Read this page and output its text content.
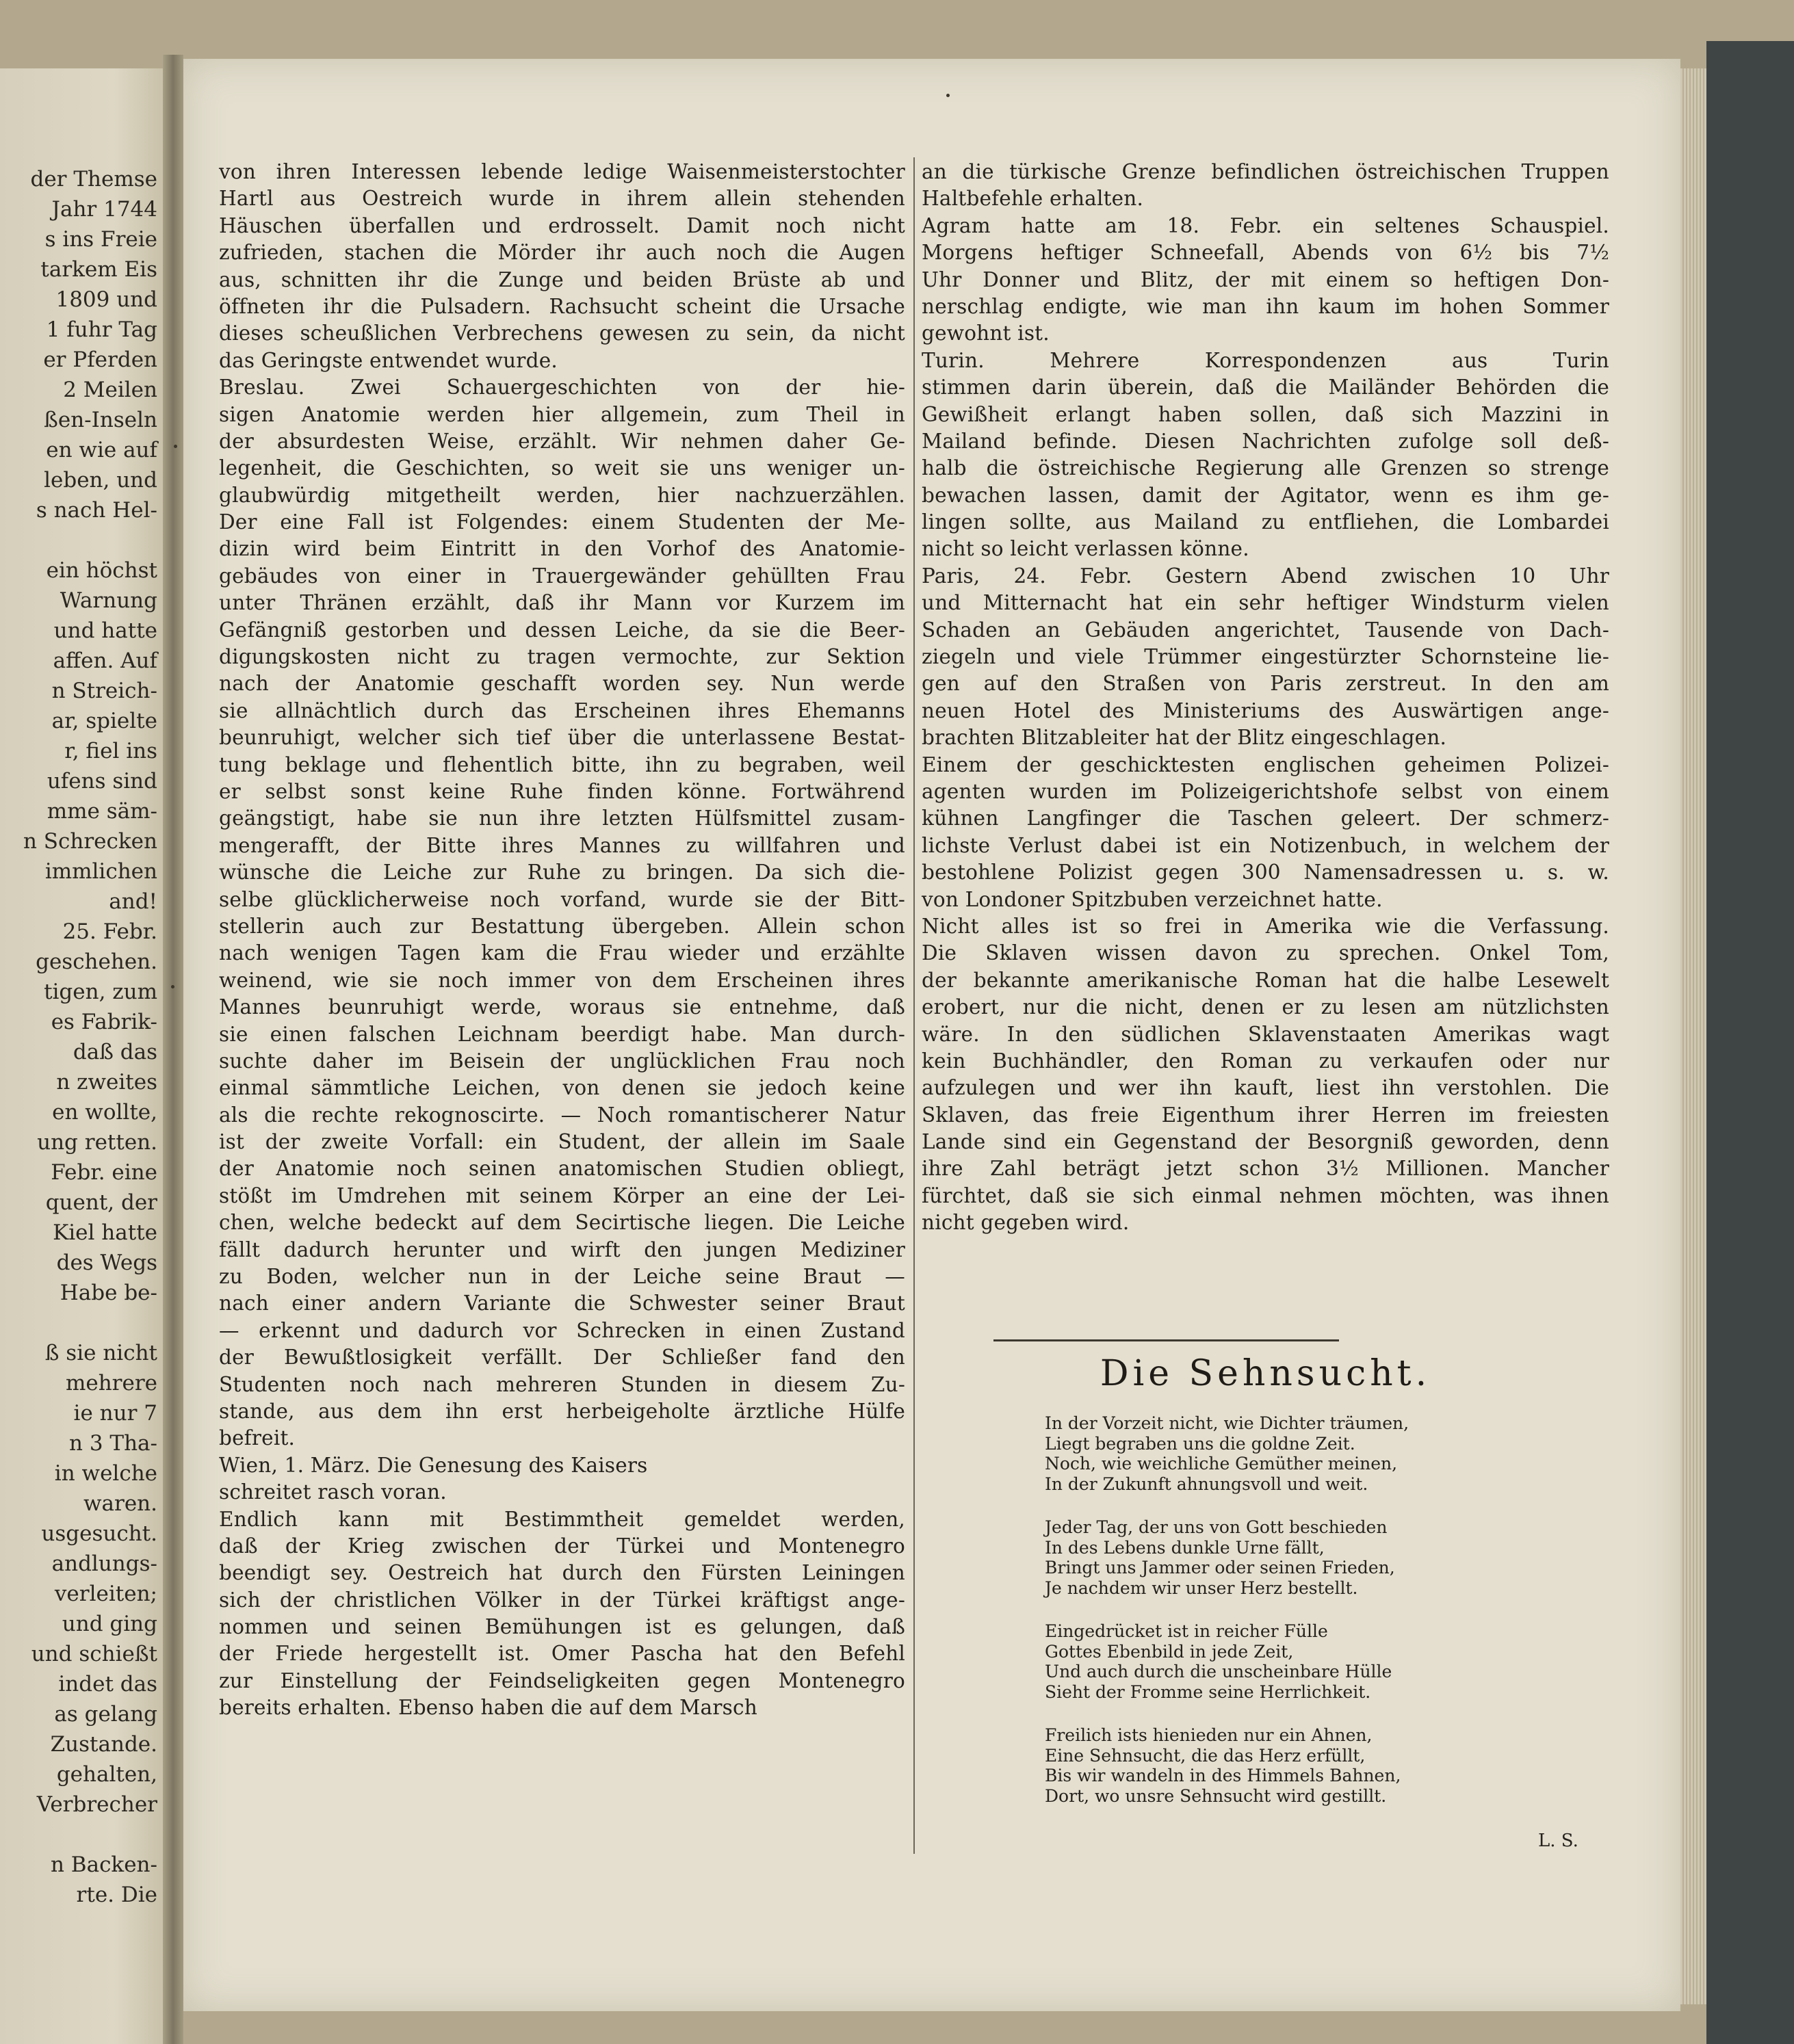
der Themse
Jahr 1744
s ins Freie
tarkem Eis
1809 und
1 fuhr Tag
er Pferden
2 Meilen
ßen-Inseln
en wie auf
leben, und
s nach Hel-
ein höchst
Warnung
und hatte
affen. Auf
n Streich-
ar, spielte
r, fiel ins
ufens sind
mme säm-
n Schrecken
immlichen
and!
25. Febr.
geschehen.
tigen, zum
es Fabrik-
daß das
n zweites
en wollte,
ung retten.
Febr. eine
quent, der
Kiel hatte
des Wegs
Habe be-
ß sie nicht
mehrere
ie nur 7
n 3 Tha-
in welche
waren.
usgesucht.
andlungs-
verleiten;
und ging
und schießt
indet das
as gelang
Zustande.
gehalten,
Verbrecher
n Backen-
rte. Die
von ihren Interessen lebende ledige Waisenmeisterstochter
Hartl aus Oestreich wurde in ihrem allein stehenden
Häuschen überfallen und erdrosselt. Damit noch nicht
zufrieden, stachen die Mörder ihr auch noch die Augen
aus, schnitten ihr die Zunge und beiden Brüste ab und
öffneten ihr die Pulsadern. Rachsucht scheint die Ursache
dieses scheußlichen Verbrechens gewesen zu sein, da nicht
das Geringste entwendet wurde.
Breslau. Zwei Schauergeschichten von der hie-
sigen Anatomie werden hier allgemein, zum Theil in
der absurdesten Weise, erzählt. Wir nehmen daher Ge-
legenheit, die Geschichten, so weit sie uns weniger un-
glaubwürdig mitgetheilt werden, hier nachzuerzählen.
Der eine Fall ist Folgendes: einem Studenten der Me-
dizin wird beim Eintritt in den Vorhof des Anatomie-
gebäudes von einer in Trauergewänder gehüllten Frau
unter Thränen erzählt, daß ihr Mann vor Kurzem im
Gefängniß gestorben und dessen Leiche, da sie die Beer-
digungskosten nicht zu tragen vermochte, zur Sektion
nach der Anatomie geschafft worden sey. Nun werde
sie allnächtlich durch das Erscheinen ihres Ehemanns
beunruhigt, welcher sich tief über die unterlassene Bestat-
tung beklage und flehentlich bitte, ihn zu begraben, weil
er selbst sonst keine Ruhe finden könne. Fortwährend
geängstigt, habe sie nun ihre letzten Hülfsmittel zusam-
mengerafft, der Bitte ihres Mannes zu willfahren und
wünsche die Leiche zur Ruhe zu bringen. Da sich die-
selbe glücklicherweise noch vorfand, wurde sie der Bitt-
stellerin auch zur Bestattung übergeben. Allein schon
nach wenigen Tagen kam die Frau wieder und erzählte
weinend, wie sie noch immer von dem Erscheinen ihres
Mannes beunruhigt werde, woraus sie entnehme, daß
sie einen falschen Leichnam beerdigt habe. Man durch-
suchte daher im Beisein der unglücklichen Frau noch
einmal sämmtliche Leichen, von denen sie jedoch keine
als die rechte rekognoscirte. — Noch romantischerer Natur
ist der zweite Vorfall: ein Student, der allein im Saale
der Anatomie noch seinen anatomischen Studien obliegt,
stößt im Umdrehen mit seinem Körper an eine der Lei-
chen, welche bedeckt auf dem Secirtische liegen. Die Leiche
fällt dadurch herunter und wirft den jungen Mediziner
zu Boden, welcher nun in der Leiche seine Braut —
nach einer andern Variante die Schwester seiner Braut
— erkennt und dadurch vor Schrecken in einen Zustand
der Bewußtlosigkeit verfällt. Der Schließer fand den
Studenten noch nach mehreren Stunden in diesem Zu-
stande, aus dem ihn erst herbeigeholte ärztliche Hülfe
befreit.
Wien, 1. März. Die Genesung des Kaisers
schreitet rasch voran.
Endlich kann mit Bestimmtheit gemeldet werden,
daß der Krieg zwischen der Türkei und Montenegro
beendigt sey. Oestreich hat durch den Fürsten Leiningen
sich der christlichen Völker in der Türkei kräftigst ange-
nommen und seinen Bemühungen ist es gelungen, daß
der Friede hergestellt ist. Omer Pascha hat den Befehl
zur Einstellung der Feindseligkeiten gegen Montenegro
bereits erhalten. Ebenso haben die auf dem Marsch
an die türkische Grenze befindlichen östreichischen Truppen
Haltbefehle erhalten.
Agram hatte am 18. Febr. ein seltenes Schauspiel.
Morgens heftiger Schneefall, Abends von 6½ bis 7½
Uhr Donner und Blitz, der mit einem so heftigen Don-
nerschlag endigte, wie man ihn kaum im hohen Sommer
gewohnt ist.
Turin. Mehrere Korrespondenzen aus Turin
stimmen darin überein, daß die Mailänder Behörden die
Gewißheit erlangt haben sollen, daß sich Mazzini in
Mailand befinde. Diesen Nachrichten zufolge soll deß-
halb die östreichische Regierung alle Grenzen so strenge
bewachen lassen, damit der Agitator, wenn es ihm ge-
lingen sollte, aus Mailand zu entfliehen, die Lombardei
nicht so leicht verlassen könne.
Paris, 24. Febr. Gestern Abend zwischen 10 Uhr
und Mitternacht hat ein sehr heftiger Windsturm vielen
Schaden an Gebäuden angerichtet, Tausende von Dach-
ziegeln und viele Trümmer eingestürzter Schornsteine lie-
gen auf den Straßen von Paris zerstreut. In den am
neuen Hotel des Ministeriums des Auswärtigen ange-
brachten Blitzableiter hat der Blitz eingeschlagen.
Einem der geschicktesten englischen geheimen Polizei-
agenten wurden im Polizeigerichtshofe selbst von einem
kühnen Langfinger die Taschen geleert. Der schmerz-
lichste Verlust dabei ist ein Notizenbuch, in welchem der
bestohlene Polizist gegen 300 Namensadressen u. s. w.
von Londoner Spitzbuben verzeichnet hatte.
Nicht alles ist so frei in Amerika wie die Verfassung.
Die Sklaven wissen davon zu sprechen. Onkel Tom,
der bekannte amerikanische Roman hat die halbe Lesewelt
erobert, nur die nicht, denen er zu lesen am nützlichsten
wäre. In den südlichen Sklavenstaaten Amerikas wagt
kein Buchhändler, den Roman zu verkaufen oder nur
aufzulegen und wer ihn kauft, liest ihn verstohlen. Die
Sklaven, das freie Eigenthum ihrer Herren im freiesten
Lande sind ein Gegenstand der Besorgniß geworden, denn
ihre Zahl beträgt jetzt schon 3½ Millionen. Mancher
fürchtet, daß sie sich einmal nehmen möchten, was ihnen
nicht gegeben wird.
Die Sehnsucht.
In der Vorzeit nicht, wie Dichter träumen,
Liegt begraben uns die goldne Zeit.
Noch, wie weichliche Gemüther meinen,
In der Zukunft ahnungsvoll und weit.
Jeder Tag, der uns von Gott beschieden
In des Lebens dunkle Urne fällt,
Bringt uns Jammer oder seinen Frieden,
Je nachdem wir unser Herz bestellt.
Eingedrücket ist in reicher Fülle
Gottes Ebenbild in jede Zeit,
Und auch durch die unscheinbare Hülle
Sieht der Fromme seine Herrlichkeit.
Freilich ists hienieden nur ein Ahnen,
Eine Sehnsucht, die das Herz erfüllt,
Bis wir wandeln in des Himmels Bahnen,
Dort, wo unsre Sehnsucht wird gestillt.
L. S.
